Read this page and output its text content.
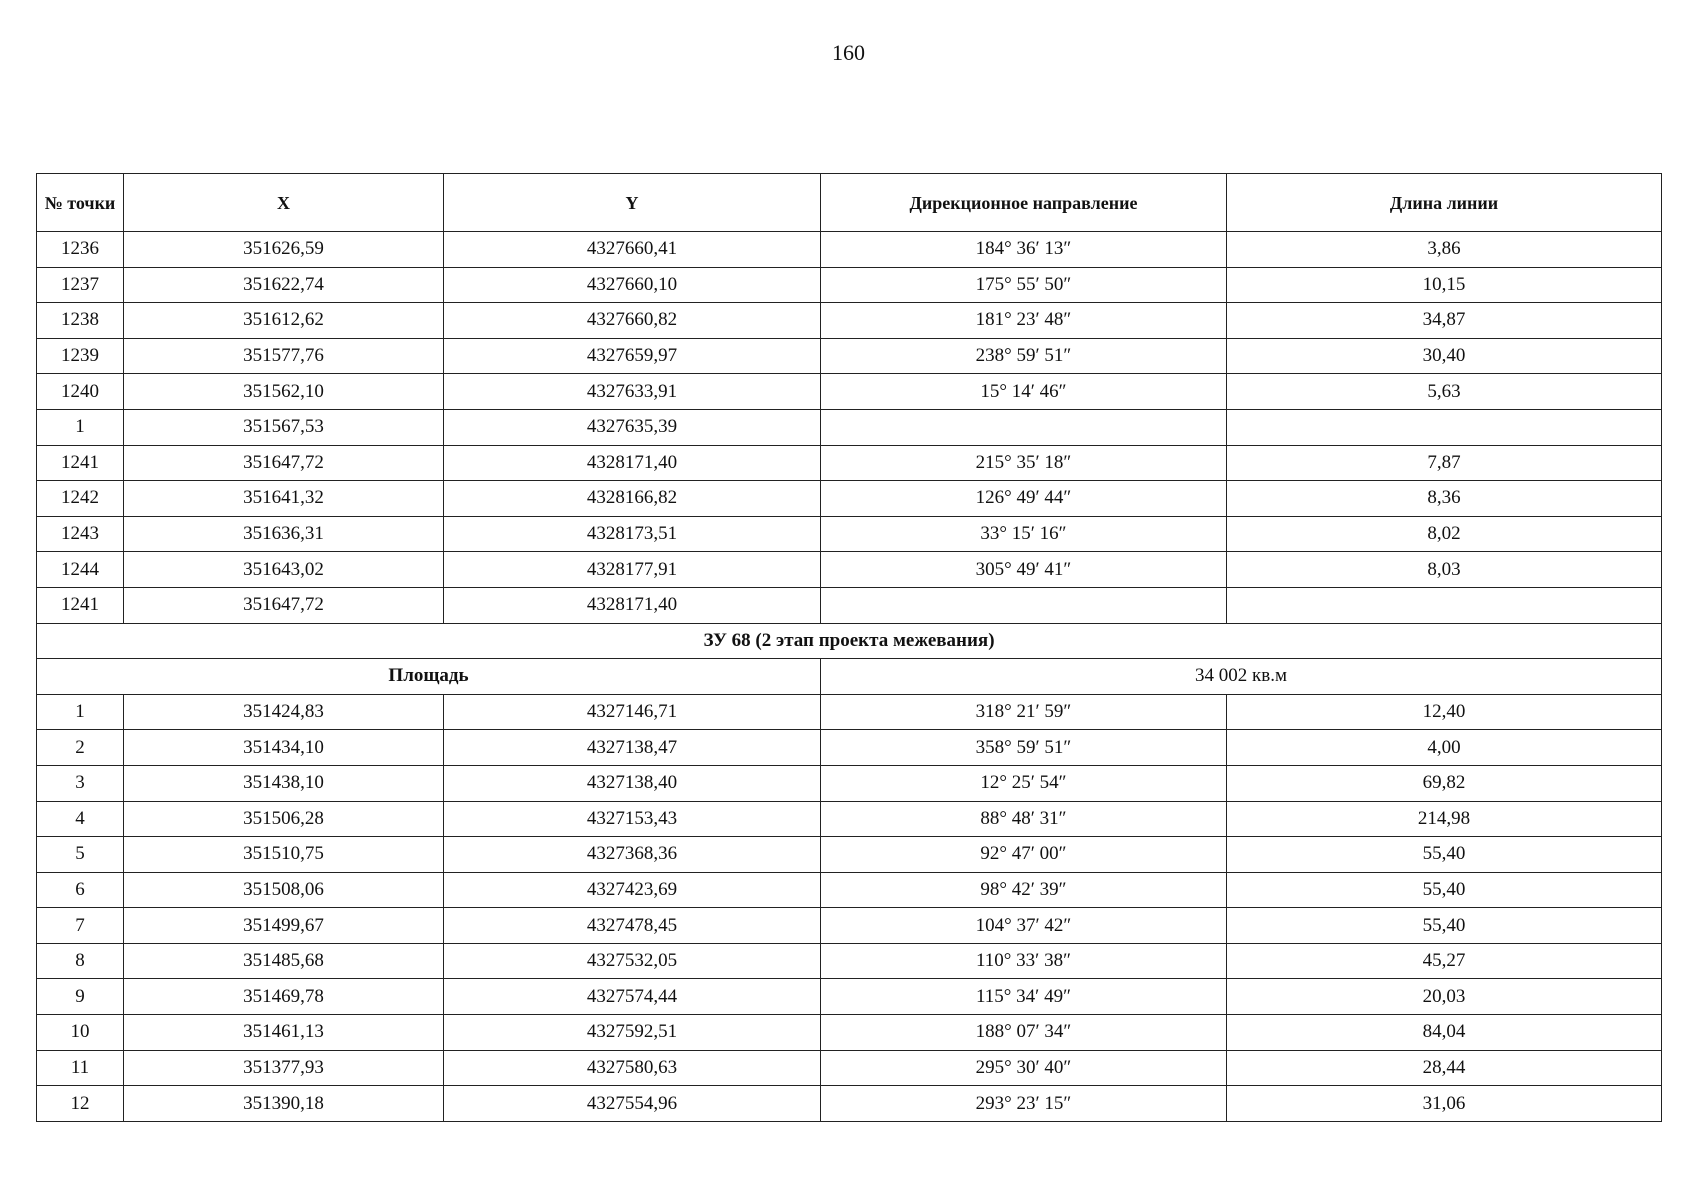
160
№ точки	X	Y	Дирекционное направление	Длина линии
1236	351626,59	4327660,41	184° 36′ 13″	3,86
1237	351622,74	4327660,10	175° 55′ 50″	10,15
1238	351612,62	4327660,82	181° 23′ 48″	34,87
1239	351577,76	4327659,97	238° 59′ 51″	30,40
1240	351562,10	4327633,91	15° 14′ 46″	5,63
1	351567,53	4327635,39		
1241	351647,72	4328171,40	215° 35′ 18″	7,87
1242	351641,32	4328166,82	126° 49′ 44″	8,36
1243	351636,31	4328173,51	33° 15′ 16″	8,02
1244	351643,02	4328177,91	305° 49′ 41″	8,03
1241	351647,72	4328171,40		
ЗУ 68 (2 этап проекта межевания)				
Площадь			34 002 кв.м	
1	351424,83	4327146,71	318° 21′ 59″	12,40
2	351434,10	4327138,47	358° 59′ 51″	4,00
3	351438,10	4327138,40	12° 25′ 54″	69,82
4	351506,28	4327153,43	88° 48′ 31″	214,98
5	351510,75	4327368,36	92° 47′ 00″	55,40
6	351508,06	4327423,69	98° 42′ 39″	55,40
7	351499,67	4327478,45	104° 37′ 42″	55,40
8	351485,68	4327532,05	110° 33′ 38″	45,27
9	351469,78	4327574,44	115° 34′ 49″	20,03
10	351461,13	4327592,51	188° 07′ 34″	84,04
11	351377,93	4327580,63	295° 30′ 40″	28,44
12	351390,18	4327554,96	293° 23′ 15″	31,06
